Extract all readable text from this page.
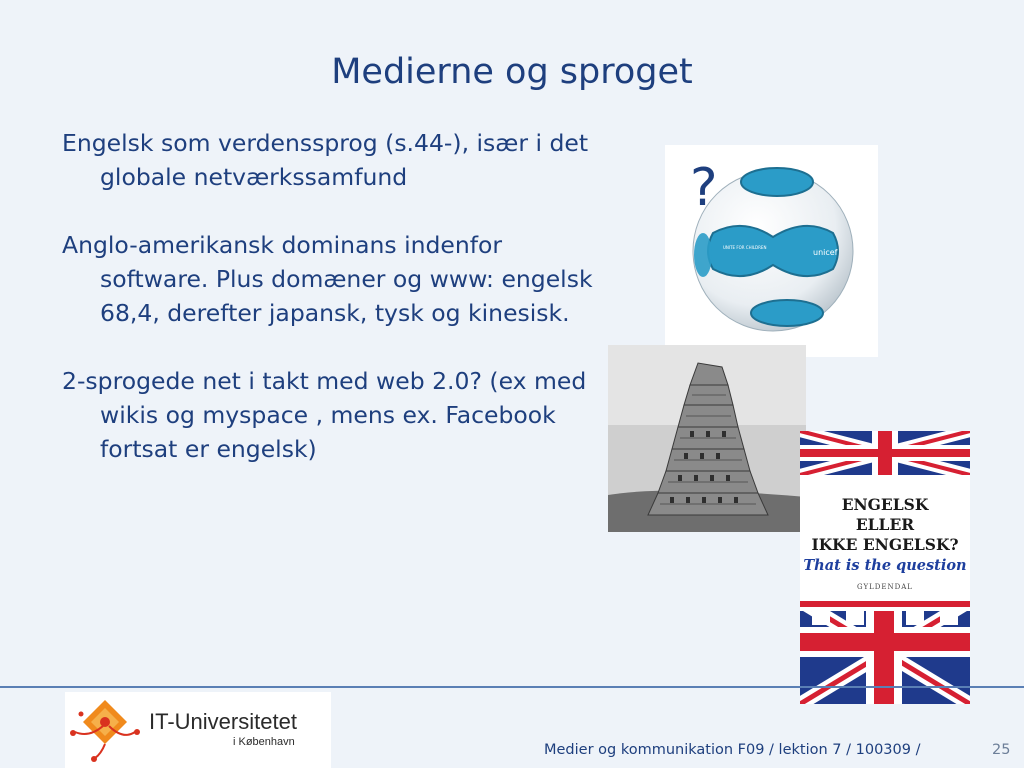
Medierne og sproget
Engelsk som verdenssprog (s.44-), især i det globale netværkssamfund
Anglo-amerikansk dominans indenfor software. Plus domæner og www: engelsk 68,4, derefter japansk, tysk og kinesisk.
2-sprogede net i takt med web 2.0? (ex med wikis og myspace , mens ex. Facebook fortsat er engelsk)
unicef
UNITE FOR CHILDREN
?
ENGELSK
ELLER
IKKE ENGELSK?
That is the question
GYLDENDAL
IT-Universitetet
i København	Medier og kommunikation F09 / lektion 7 / 100309 /	25
